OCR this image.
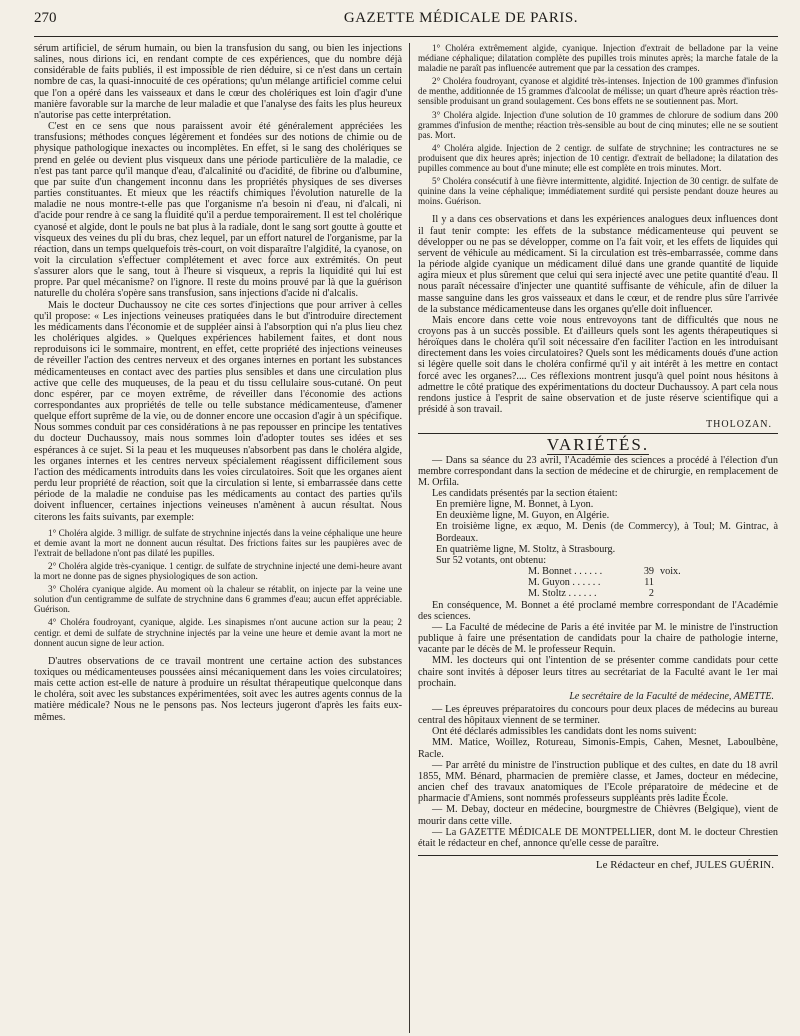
270	GAZETTE MÉDICALE DE PARIS.

sérum artificiel, de sérum humain, ou bien la transfusion du sang, ou bien les injections salines, nous dirions ici, en rendant compte de ces expériences, que du nombre déjà considérable de faits publiés, il est impossible de rien déduire, si ce n'est dans un certain nombre de cas, la quasi-innocuité de ces opérations; qu'un mélange artificiel comme celui que l'on a opéré dans les vaisseaux et dans le cœur des cholériques est loin d'agir d'une manière favorable sur la marche de leur maladie et que l'analyse des faits les plus heureux n'autorise pas cette interprétation.

C'est en ce sens que nous paraissent avoir été généralement appréciées les transfusions; méthodes conçues légèrement et fondées sur des notions de chimie ou de physique pathologique inexactes ou incomplètes. En effet, si le sang des cholériques se prend en gelée ou devient plus visqueux dans une période particulière de la maladie, ce n'est pas tant parce qu'il manque d'eau, d'alcalinité ou d'acidité, de fibrine ou d'albumine, que par suite d'un changement inconnu dans les propriétés physiques de ses diverses parties constituantes. Et mieux que les réactifs chimiques l'évolution naturelle de la maladie ne nous montre-t-elle pas que l'organisme n'a besoin ni d'eau, ni d'alcali, ni d'acide pour rendre à ce sang la fluidité qu'il a perdue temporairement. Il est tel cholérique cyanosé et algide, dont le pouls ne bat plus à la radiale, dont le sang sort goutte à goutte et visqueux des veines du pli du bras, chez lequel, par un effort naturel de l'organisme, par la réaction, dans un temps quelquefois très-court, on voit disparaître l'algidité, la cyanose, on voit la circulation s'effectuer complétement et avec force aux extrémités. On peut s'assurer alors que le sang, tout à l'heure si visqueux, a repris la liquidité qui lui est propre. Par quel mécanisme? on l'ignore. Il reste du moins prouvé par là que la guérison naturelle du choléra s'opère sans transfusion, sans injections d'acide ni d'alcalis.

Mais le docteur Duchaussoy ne cite ces sortes d'injections que pour arriver à celles qu'il propose: « Les injections veineuses pratiquées dans le but d'introduire directement les médicaments dans l'économie et de suppléer ainsi à l'absorption qui n'a plus lieu chez les cholériques algides. » Quelques expériences habilement faites, et dont nous reproduisons ici le sommaire, montrent, en effet, cette propriété des injections veineuses de réveiller l'action des centres nerveux et des organes internes en portant les substances médicamenteuses en contact avec des parties plus sensibles et dans une circulation plus active que celle des muqueuses, de la peau et du tissu cellulaire sous-cutané. On peut donc espérer, par ce moyen extrême, de réveiller dans l'économie des actions correspondantes aux propriétés de telle ou telle substance médicamenteuse, d'amener quelque effort suprême de la vie, ou de donner encore une occasion d'agir à un spécifique. Nous sommes conduit par ces considérations à ne pas repousser en principe les tentatives du docteur Duchaussoy, mais nous sommes loin d'adopter toutes ses idées et ses espérances à ce sujet. Si la peau et les muqueuses n'absorbent pas dans le choléra algide, les organes internes et les centres nerveux spécialement réagissent difficilement sous l'action des médicaments introduits dans les voies circulatoires. Soit que les organes aient perdu leur propriété de réaction, soit que la circulation si lente, si embarrassée dans cette période de la maladie ne conduise pas les médicaments au contact des parties qu'ils doivent influencer, certaines injections veineuses n'amènent à aucun résultat. Nous citerons les faits suivants, par exemple:

1° Choléra algide. 3 milligr. de sulfate de strychnine injectés dans la veine céphalique une heure et demie avant la mort ne donnent aucun résultat. Des frictions faites sur les paupières avec de l'extrait de belladone n'ont pas dilaté les pupilles.

2° Choléra algide très-cyanique. 1 centigr. de sulfate de strychnine injecté une demi-heure avant la mort ne donne pas de signes physiologiques de son action.

3° Choléra cyanique algide. Au moment où la chaleur se rétablit, on injecte par la veine une solution d'un centigramme de sulfate de strychnine dans 6 grammes d'eau; aucun effet appréciable. Guérison.

4° Choléra foudroyant, cyanique, algide. Les sinapismes n'ont aucune action sur la peau; 2 centigr. et demi de sulfate de strychnine injectés par la veine une heure et demie avant la mort ne donnent aucun signe de leur action.

D'autres observations de ce travail montrent une certaine action des substances toxiques ou médicamenteuses poussées ainsi mécaniquement dans les voies circulatoires; mais cette action est-elle de nature à produire un résultat thérapeutique quelconque dans le choléra, soit avec les substances expérimentées, soit avec les autres agents connus de la matière médicale? Nous ne le pensons pas. Nos lecteurs jugeront d'après les faits eux-mêmes.

1° Choléra extrêmement algide, cyanique. Injection d'extrait de belladone par la veine médiane céphalique; dilatation complète des pupilles trois minutes après; la marche fatale de la maladie ne paraît pas influencée autrement que par la cessation des crampes.

2° Choléra foudroyant, cyanose et algidité très-intenses. Injection de 100 grammes d'infusion de menthe, additionnée de 15 grammes d'alcoolat de mélisse; un quart d'heure après réaction très-sensible produisant un grand soulagement. Ces bons effets ne se soutiennent pas. Mort.

3° Choléra algide. Injection d'une solution de 10 grammes de chlorure de sodium dans 200 grammes d'infusion de menthe; réaction très-sensible au bout de cinq minutes; elle ne se soutient pas. Mort.

4° Choléra algide. Injection de 2 centigr. de sulfate de strychnine; les contractures ne se produisent que dix heures après; injection de 10 centigr. d'extrait de belladone; la dilatation des pupilles commence au bout d'une minute; elle est complète en trois minutes. Mort.

5° Choléra consécutif à une fièvre intermittente, algidité. Injection de 30 centigr. de sulfate de quinine dans la veine céphalique; immédiatement surdité qui persiste pendant douze heures au moins. Guérison.

Il y a dans ces observations et dans les expériences analogues deux influences dont il faut tenir compte: les effets de la substance médicamenteuse qui peuvent se développer ou ne pas se développer, comme on l'a fait voir, et les effets de liquides qui servent de véhicule au médicament. Si la circulation est très-embarrassée, comme dans la période algide cyanique un médicament dilué dans une grande quantité de liquide agira mieux et plus sûrement que celui qui sera injecté avec une petite quantité d'eau. Il nous paraît nécessaire d'injecter une quantité suffisante de véhicule, afin de diluer la masse sanguine dans les gros vaisseaux et dans le cœur, et de rendre plus sûre l'arrivée de la substance médicamenteuse dans les organes qu'elle doit influencer.

Mais encore dans cette voie nous entrevoyons tant de difficultés que nous ne croyons pas à un succès possible. Et d'ailleurs quels sont les agents thérapeutiques si héroïques dans le choléra qu'il soit nécessaire d'en faciliter l'action en les introduisant directement dans les voies circulatoires? Quels sont les médicaments doués d'une action si légère quelle soit dans le choléra confirmé qu'il y ait intérêt à les mettre en contact forcé avec les organes?.... Ces réflexions montrent jusqu'à quel point nous hésitons à admettre le côté pratique des expérimentations du docteur Duchaussoy. A part cela nous rendons justice à l'esprit de saine observation et de juste réserve scientifique qui a présidé à son travail.

THOLOZAN.
VARIÉTÉS.

— Dans sa séance du 23 avril, l'Académie des sciences a procédé à l'élection d'un membre correspondant dans la section de médecine et de chirurgie, en remplacement de M. Orfila.

Les candidats présentés par la section étaient:

En première ligne, M. Bonnet, à Lyon.

En deuxième ligne, M. Guyon, en Algérie.

En troisième ligne, ex æquo, M. Denis (de Commercy), à Toul; M. Gintrac, à Bordeaux.

En quatrième ligne, M. Stoltz, à Strasbourg.

Sur 52 votants, ont obtenu:

M. Bonnet . . . . . .	39 voix.
M. Guyon . . . . . .	11
M. Stoltz . . . . . .	2

En conséquence, M. Bonnet a été proclamé membre correspondant de l'Académie des sciences.

— La Faculté de médecine de Paris a été invitée par M. le ministre de l'instruction publique à faire une présentation de candidats pour la chaire de pathologie interne, vacante par le décès de M. le professeur Requin.

MM. les docteurs qui ont l'intention de se présenter comme candidats pour cette chaire sont invités à déposer leurs titres au secrétariat de la Faculté avant le 1er mai prochain.

Le secrétaire de la Faculté de médecine, AMETTE.

— Les épreuves préparatoires du concours pour deux places de médecins au bureau central des hôpitaux viennent de se terminer.

Ont été déclarés admissibles les candidats dont les noms suivent:

MM. Matice, Woillez, Rotureau, Simonis-Empis, Cahen, Mesnet, Laboulbène, Racle.

— Par arrêté du ministre de l'instruction publique et des cultes, en date du 18 avril 1855, MM. Bénard, pharmacien de première classe, et James, docteur en médecine, ancien chef des travaux anatomiques de l'Ecole préparatoire de médecine et de pharmacie d'Amiens, sont nommés professeurs suppléants près ladite École.

— M. Debay, docteur en médecine, bourgmestre de Chièvres (Belgique), vient de mourir dans cette ville.

— La GAZETTE MÉDICALE DE MONTPELLIER, dont M. le docteur Chrestien était le rédacteur en chef, annonce qu'elle cesse de paraître.

Le Rédacteur en chef, JULES GUÉRIN.
